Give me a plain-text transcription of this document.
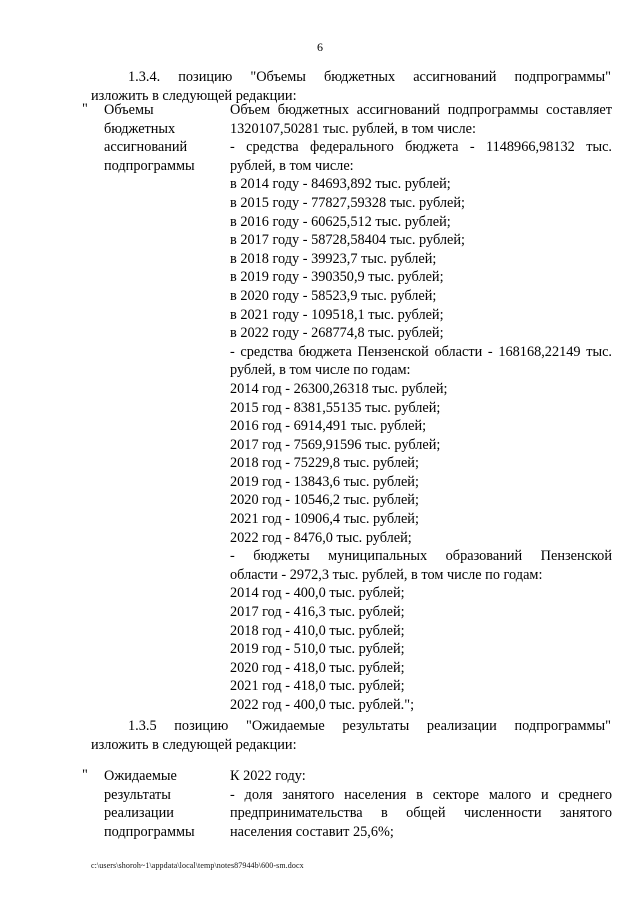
6
1.3.4. позицию "Объемы бюджетных ассигнований подпрограммы"
изложить в следующей редакции:
" Объемы
бюджетных
ассигнований
подпрограммы
Объем бюджетных ассигнований подпрограммы составляет
1320107,50281 тыс. рублей, в том числе:
- средства федерального бюджета - 1148966,98132 тыс.
рублей, в том числе:
в 2014 году - 84693,892 тыс. рублей;
в 2015 году - 77827,59328 тыс. рублей;
в 2016 году - 60625,512 тыс. рублей;
в 2017 году - 58728,58404 тыс. рублей;
в 2018 году - 39923,7 тыс. рублей;
в 2019 году - 390350,9 тыс. рублей;
в 2020 году - 58523,9 тыс. рублей;
в 2021 году - 109518,1 тыс. рублей;
в 2022 году - 268774,8 тыс. рублей;
- средства бюджета Пензенской области - 168168,22149 тыс.
рублей, в том числе по годам:
2014 год - 26300,26318 тыс. рублей;
2015 год - 8381,55135 тыс. рублей;
2016 год - 6914,491 тыс. рублей;
2017 год - 7569,91596 тыс. рублей;
2018 год - 75229,8 тыс. рублей;
2019 год - 13843,6 тыс. рублей;
2020 год - 10546,2 тыс. рублей;
2021 год - 10906,4 тыс. рублей;
2022 год - 8476,0 тыс. рублей;
- бюджеты муниципальных образований Пензенской
области - 2972,3 тыс. рублей, в том числе по годам:
2014 год - 400,0 тыс. рублей;
2017 год - 416,3 тыс. рублей;
2018 год - 410,0 тыс. рублей;
2019 год - 510,0 тыс. рублей;
2020 год - 418,0 тыс. рублей;
2021 год - 418,0 тыс. рублей;
2022 год - 400,0 тыс. рублей.";
1.3.5 позицию "Ожидаемые результаты реализации подпрограммы"
изложить в следующей редакции:
" Ожидаемые
результаты
реализации
подпрограммы
К 2022 году:
- доля занятого населения в секторе малого и среднего
предпринимательства в общей численности занятого
населения составит 25,6%;
c:\users\shoroh~1\appdata\local\temp\notes87944b\600-sm.docx
